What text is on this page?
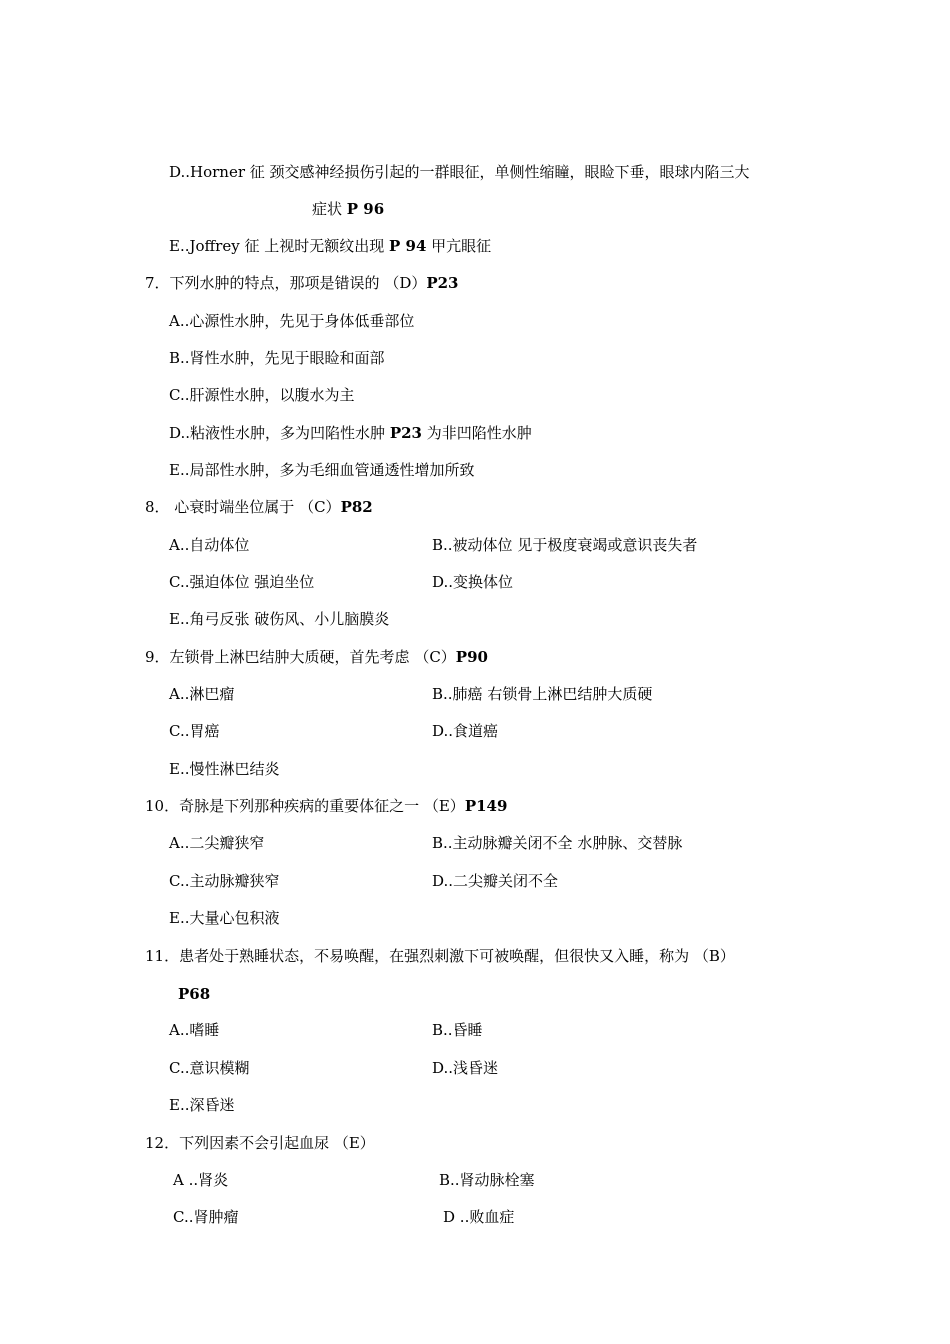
D..Horner 征 颈交感神经损伤引起的一群眼征，单侧性缩瞳，眼睑下垂，眼球内陷三大
症状 P 96
E..Joffrey 征 上视时无额纹出现 P 94 甲亢眼征
7．下列水肿的特点，那项是错误的 （D）P23
A..心源性水肿，先见于身体低垂部位
B..肾性水肿，先见于眼睑和面部
C..肝源性水肿，以腹水为主
D..粘液性水肿，多为凹陷性水肿 P23 为非凹陷性水肿
E..局部性水肿，多为毛细血管通透性增加所致
8． 心衰时端坐位属于 （C）P82
A..自动体位	B..被动体位 见于极度衰竭或意识丧失者
C..强迫体位 强迫坐位	D..变换体位
E..角弓反张 破伤风、小儿脑膜炎
9．左锁骨上淋巴结肿大质硬，首先考虑 （C）P90
A..淋巴瘤	B..肺癌 右锁骨上淋巴结肿大质硬
C..胃癌	D..食道癌
E..慢性淋巴结炎
10．奇脉是下列那种疾病的重要体征之一 （E）P149
A..二尖瓣狭窄	B..主动脉瓣关闭不全 水肿脉、交替脉
C..主动脉瓣狭窄	D..二尖瓣关闭不全
E..大量心包积液
11．患者处于熟睡状态，不易唤醒，在强烈刺激下可被唤醒，但很快又入睡，称为 （B）
P68
A..嗜睡	B..昏睡
C..意识模糊	D..浅昏迷
E..深昏迷
12．下列因素不会引起血尿 （E）
A ..肾炎	B..肾动脉栓塞
C..肾肿瘤	D ..败血症
